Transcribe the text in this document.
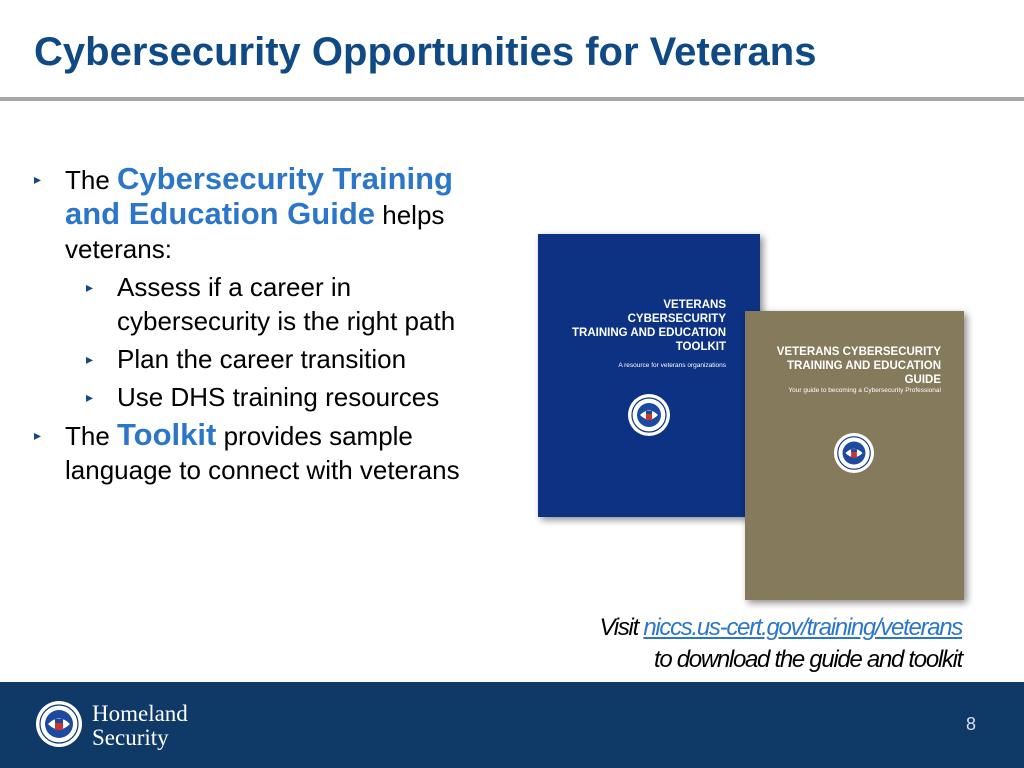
Cybersecurity Opportunities for Veterans
▸ The Cybersecurity Training and Education Guide helps veterans:
▸ Assess if a career in cybersecurity is the right path
▸ Plan the career transition
▸ Use DHS training resources
▸ The Toolkit provides sample language to connect with veterans
VETERANS
CYBERSECURITY
TRAINING AND EDUCATION
TOOLKIT
A resource for veterans organizations
VETERANS CYBERSECURITY
TRAINING AND EDUCATION
GUIDE
Your guide to becoming a Cybersecurity Professional
Visit niccs.us-cert.gov/training/veterans
to download the guide and toolkit
Homeland
Security
8
